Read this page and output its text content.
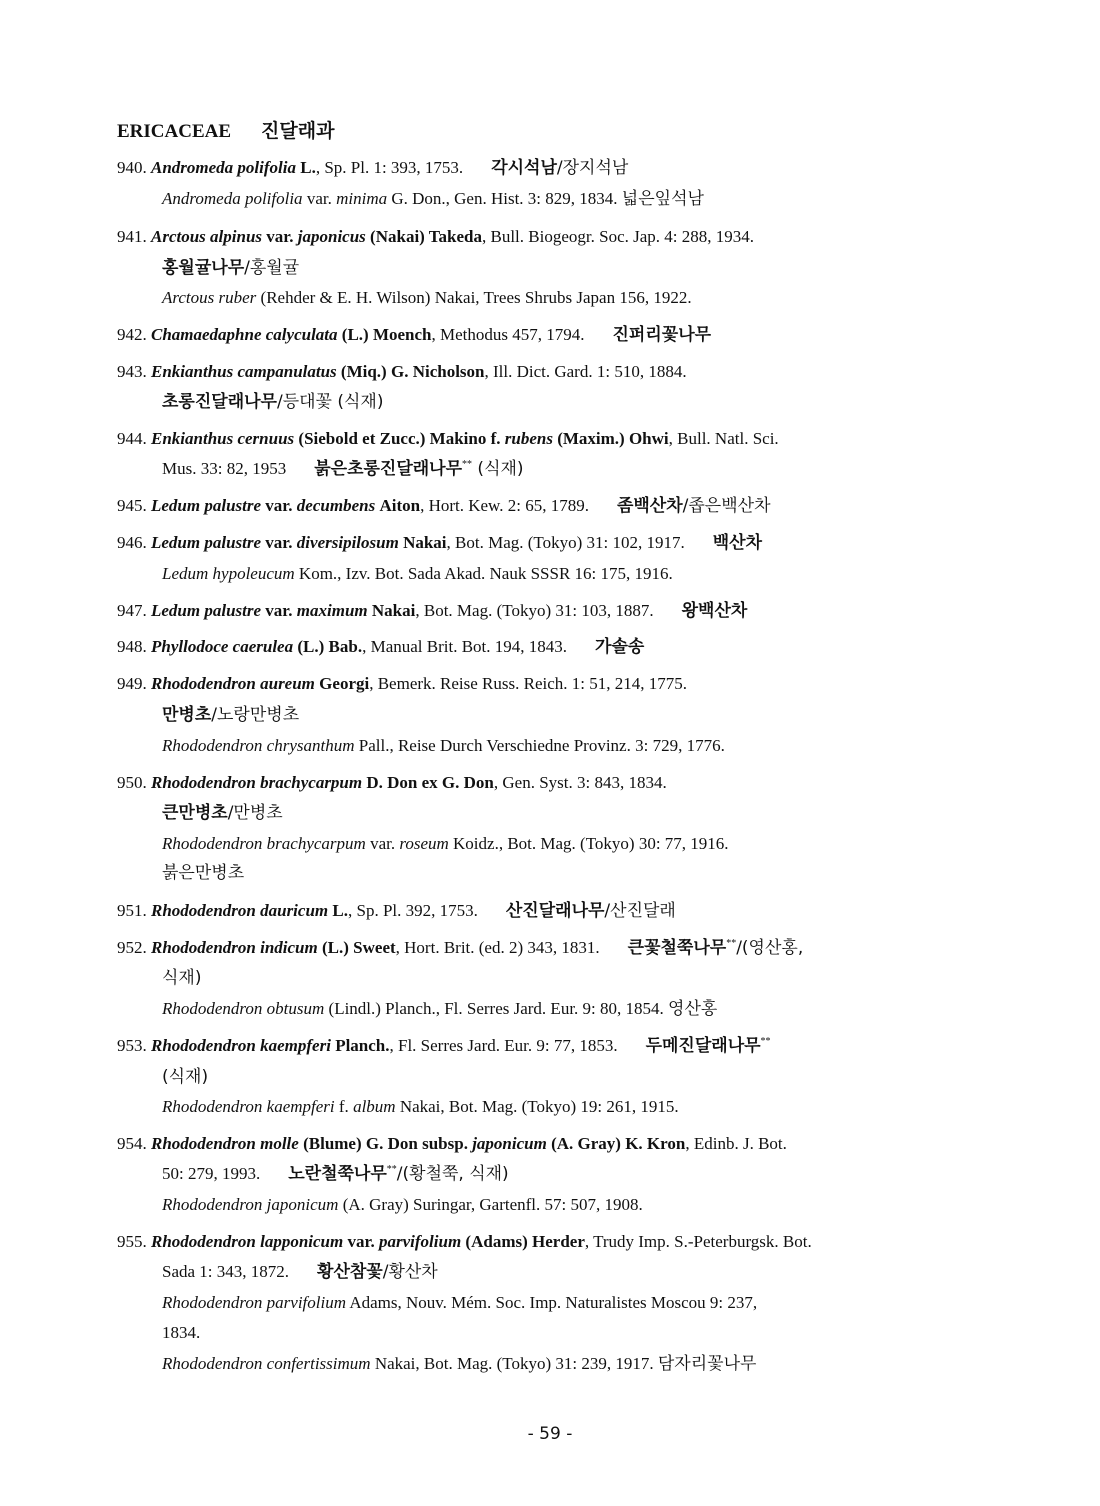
ERICACEAE 진달래과
940. Andromeda polifolia L., Sp. Pl. 1: 393, 1753. 각시석남/장지석남
Andromeda polifolia var. minima G. Don., Gen. Hist. 3: 829, 1834. 넓은잎석남
941. Arctous alpinus var. japonicus (Nakai) Takeda, Bull. Biogeogr. Soc. Jap. 4: 288, 1934.
홍월귤나무/홍월귤
Arctous ruber (Rehder & E. H. Wilson) Nakai, Trees Shrubs Japan 156, 1922.
942. Chamaedaphne calyculata (L.) Moench, Methodus 457, 1794. 진퍼리꽃나무
943. Enkianthus campanulatus (Miq.) G. Nicholson, Ill. Dict. Gard. 1: 510, 1884.
초롱진달래나무/등대꽃 (식재)
944. Enkianthus cernuus (Siebold et Zucc.) Makino f. rubens (Maxim.) Ohwi, Bull. Natl. Sci.
Mus. 33: 82, 1953 붉은초롱진달래나무** (식재)
945. Ledum palustre var. decumbens Aiton, Hort. Kew. 2: 65, 1789. 좀백산차/좁은백산차
946. Ledum palustre var. diversipilosum Nakai, Bot. Mag. (Tokyo) 31: 102, 1917. 백산차
Ledum hypoleucum Kom., Izv. Bot. Sada Akad. Nauk SSSR 16: 175, 1916.
947. Ledum palustre var. maximum Nakai, Bot. Mag. (Tokyo) 31: 103, 1887. 왕백산차
948. Phyllodoce caerulea (L.) Bab., Manual Brit. Bot. 194, 1843. 가솔송
949. Rhododendron aureum Georgi, Bemerk. Reise Russ. Reich. 1: 51, 214, 1775.
만병초/노랑만병초
Rhododendron chrysanthum Pall., Reise Durch Verschiedne Provinz. 3: 729, 1776.
950. Rhododendron brachycarpum D. Don ex G. Don, Gen. Syst. 3: 843, 1834.
큰만병초/만병초
Rhododendron brachycarpum var. roseum Koidz., Bot. Mag. (Tokyo) 30: 77, 1916.
붉은만병초
951. Rhododendron dauricum L., Sp. Pl. 392, 1753. 산진달래나무/산진달래
952. Rhododendron indicum (L.) Sweet, Hort. Brit. (ed. 2) 343, 1831. 큰꽃철쭉나무**/(영산홍,
식재)
Rhododendron obtusum (Lindl.) Planch., Fl. Serres Jard. Eur. 9: 80, 1854. 영산홍
953. Rhododendron kaempferi Planch., Fl. Serres Jard. Eur. 9: 77, 1853. 두메진달래나무**
(식재)
Rhododendron kaempferi f. album Nakai, Bot. Mag. (Tokyo) 19: 261, 1915.
954. Rhododendron molle (Blume) G. Don subsp. japonicum (A. Gray) K. Kron, Edinb. J. Bot.
50: 279, 1993. 노란철쭉나무**/(황철쭉, 식재)
Rhododendron japonicum (A. Gray) Suringar, Gartenfl. 57: 507, 1908.
955. Rhododendron lapponicum var. parvifolium (Adams) Herder, Trudy Imp. S.-Peterburgsk. Bot.
Sada 1: 343, 1872. 황산참꽃/황산차
Rhododendron parvifolium Adams, Nouv. Mém. Soc. Imp. Naturalistes Moscou 9: 237,
1834.
Rhododendron confertissimum Nakai, Bot. Mag. (Tokyo) 31: 239, 1917. 담자리꽃나무
- 59 -
